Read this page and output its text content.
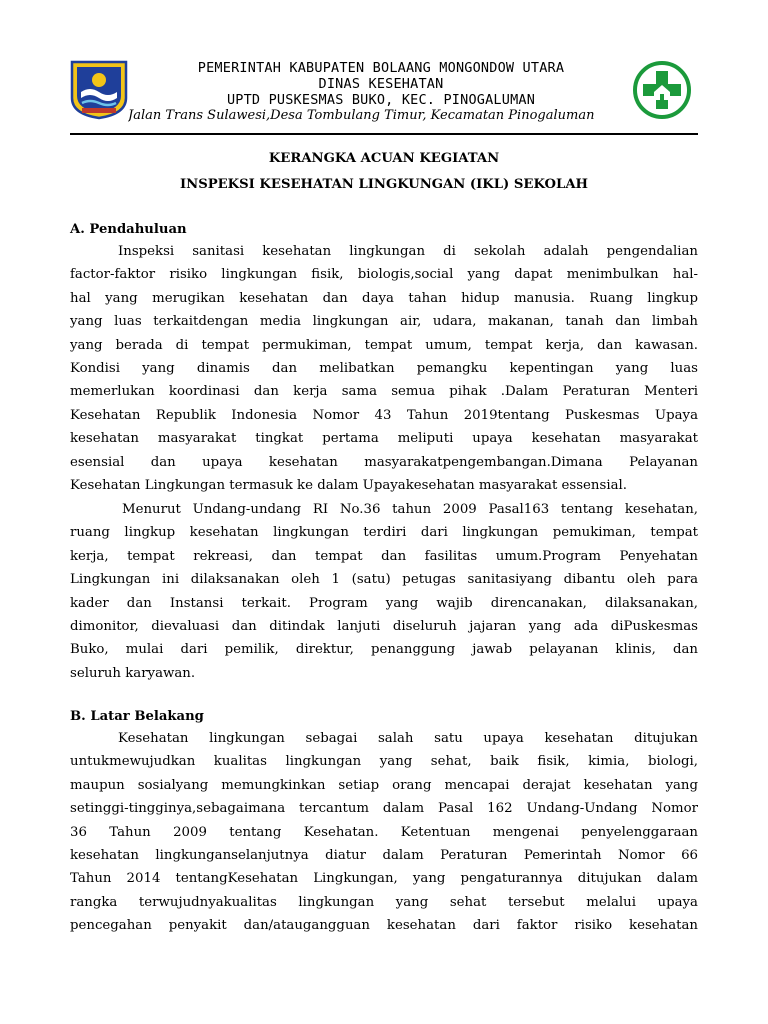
PEMERINTAH KABUPATEN BOLAANG MONGONDOW UTARA
DINAS KESEHATAN
UPTD PUSKESMAS BUKO, KEC. PINOGALUMAN
Jalan Trans Sulawesi,Desa Tombulang Timur, Kecamatan Pinogaluman
KERANGKA ACUAN KEGIATAN
INSPEKSI KESEHATAN LINGKUNGAN (IKL) SEKOLAH
A. Pendahuluan
Inspeksi sanitasi kesehatan lingkungan di sekolah adalah pengendalian
factor-faktor risiko lingkungan fisik, biologis,social yang dapat menimbulkan hal-
hal yang merugikan kesehatan dan daya tahan hidup manusia. Ruang lingkup
yang luas terkaitdengan media lingkungan air, udara, makanan, tanah dan limbah
yang berada di tempat permukiman, tempat umum, tempat kerja, dan kawasan.
Kondisi yang dinamis dan melibatkan pemangku kepentingan yang luas
memerlukan koordinasi dan kerja sama semua pihak .Dalam Peraturan Menteri
Kesehatan Republik Indonesia Nomor 43 Tahun 2019tentang Puskesmas Upaya
kesehatan masyarakat tingkat pertama meliputi upaya kesehatan masyarakat
esensial dan upaya kesehatan masyarakatpengembangan.Dimana Pelayanan
Kesehatan Lingkungan termasuk ke dalam Upayakesehatan masyarakat essensial.
Menurut Undang-undang RI No.36 tahun 2009 Pasal163 tentang kesehatan,
ruang lingkup kesehatan lingkungan terdiri dari lingkungan pemukiman, tempat
kerja, tempat rekreasi, dan tempat dan fasilitas umum.Program Penyehatan
Lingkungan ini dilaksanakan oleh 1 (satu) petugas sanitasiyang dibantu oleh para
kader dan Instansi terkait. Program yang wajib direncanakan, dilaksanakan,
dimonitor, dievaluasi dan ditindak lanjuti diseluruh jajaran yang ada diPuskesmas
Buko, mulai dari pemilik, direktur, penanggung jawab pelayanan klinis, dan
seluruh karyawan.
B. Latar Belakang
Kesehatan lingkungan sebagai salah satu upaya kesehatan ditujukan
untukmewujudkan kualitas lingkungan yang sehat, baik fisik, kimia, biologi,
maupun sosialyang memungkinkan setiap orang mencapai derajat kesehatan yang
setinggi-tingginya,sebagaimana tercantum dalam Pasal 162 Undang-Undang Nomor
36 Tahun 2009 tentang Kesehatan. Ketentuan mengenai penyelenggaraan
kesehatan lingkunganselanjutnya diatur dalam Peraturan Pemerintah Nomor 66
Tahun 2014 tentangKesehatan Lingkungan, yang pengaturannya ditujukan dalam
rangka terwujudnyakualitas lingkungan yang sehat tersebut melalui upaya
pencegahan penyakit dan/ataugangguan kesehatan dari faktor risiko kesehatan
